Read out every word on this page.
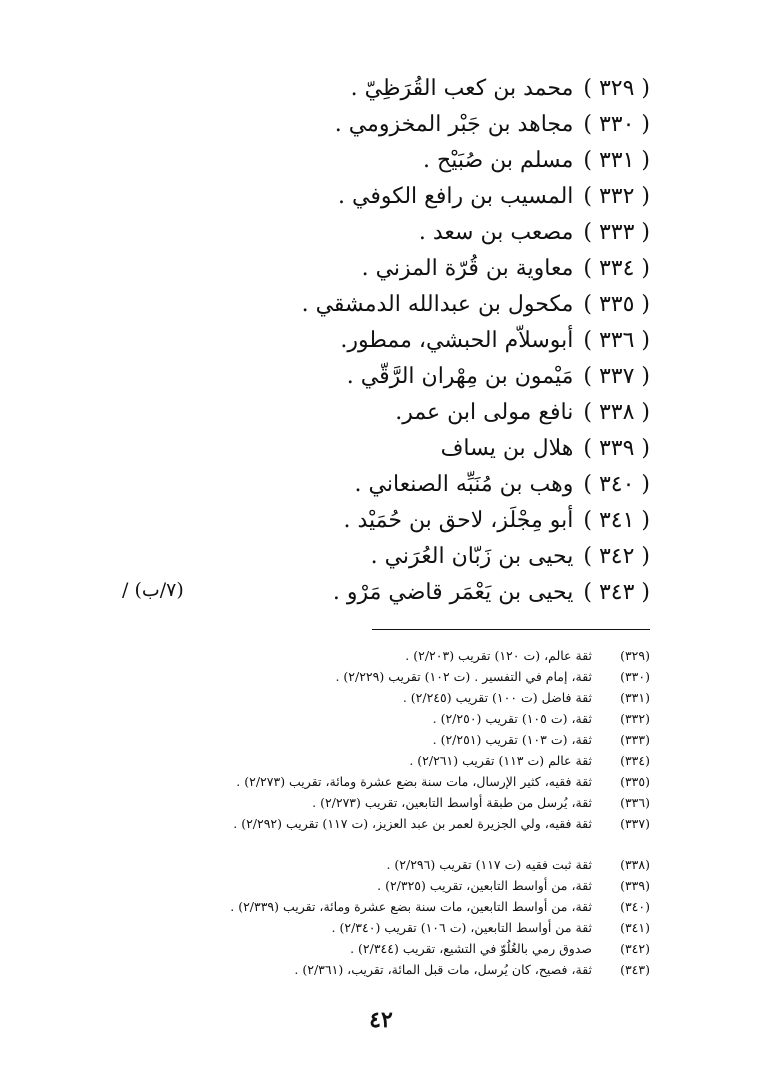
( ٣٢٩ )محمد بن كعب القُرَظِيّ .
( ٣٣٠ )مجاهد بن جَبْر المخزومي .
( ٣٣١ )مسلم بن صُبَيْح .
( ٣٣٢ )المسيب بن رافع الكوفي .
( ٣٣٣ )مصعب بن سعد .
( ٣٣٤ )معاوية بن قُرّة المزني .
( ٣٣٥ )مكحول بن عبدالله الدمشقي .
( ٣٣٦ )أبوسلاّم الحبشي، ممطور.
( ٣٣٧ )مَيْمون بن مِهْران الرَّقّي .
( ٣٣٨ )نافع مولى ابن عمر.
( ٣٣٩ )هلال بن يساف
( ٣٤٠ )وهب بن مُنَبِّه الصنعاني .
( ٣٤١ )أبو مِجْلَز، لاحق بن حُمَيْد .
( ٣٤٢ )يحيى بن زَبّان العُرَني .
( ٣٤٣ )يحيى بن يَعْمَر قاضي مَرْو .
/ (٧/ب)
(٣٢٩)ثقة عالم، (ت ١٢٠) تقريب (٢/٢٠٣) .
(٣٣٠)ثقة، إمام في التفسير . (ت ١٠٢) تقريب (٢/٢٢٩) .
(٣٣١)ثقة فاضل (ت ١٠٠) تقريب (٢/٢٤٥) .
(٣٣٢)ثقة، (ت ١٠٥) تقريب (٢/٢٥٠) .
(٣٣٣)ثقة، (ت ١٠٣) تقريب (٢/٢٥١) .
(٣٣٤)ثقة عالم (ت ١١٣) تقريب (٢/٢٦١) .
(٣٣٥)ثقة فقيه، كثير الإرسال، مات سنة بضع عشرة ومائة، تقريب (٢/٢٧٣) .
(٣٣٦)ثقة، يُرسل من طبقة أواسط التابعين، تقريب (٢/٢٧٣) .
(٣٣٧)ثقة فقيه، ولي الجزيرة لعمر بن عبد العزيز، (ت ١١٧) تقريب (٢/٢٩٢) .
(٣٣٨)ثقة ثبت فقيه (ت ١١٧) تقريب (٢/٢٩٦) .
(٣٣٩)ثقة، من أواسط التابعين، تقريب (٢/٣٢٥) .
(٣٤٠)ثقة، من أواسط التابعين، مات سنة بضع عشرة ومائة، تقريب (٢/٣٣٩) .
(٣٤١)ثقة من أواسط التابعين، (ت ١٠٦) تقريب (٢/٣٤٠) .
(٣٤٢)صدوق رمي بالغُلُوّ في التشيع، تقريب (٢/٣٤٤) .
(٣٤٣)ثقة، فصيح، كان يُرسل، مات قبل المائة، تقريب، (٢/٣٦١) .
٤٢
